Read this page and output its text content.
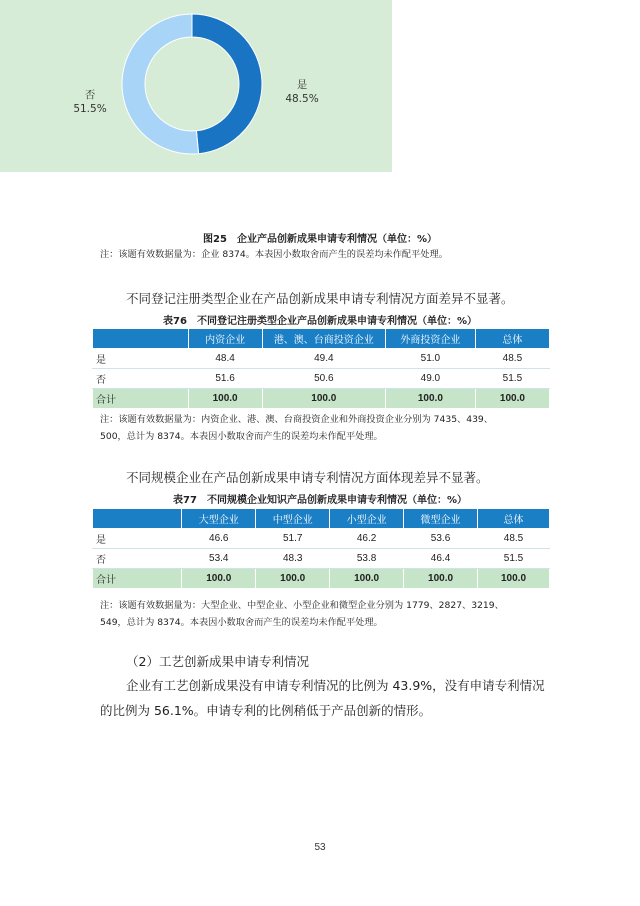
否
51.5%
是
48.5%
图25　企业产品创新成果申请专利情况（单位：%）
注：该题有效数据量为：企业 8374。本表因小数取舍而产生的误差均未作配平处理。
不同登记注册类型企业在产品创新成果申请专利情况方面差异不显著。
表76　不同登记注册类型企业产品创新成果申请专利情况（单位：%）
	内资企业	港、澳、台商投资企业	外商投资企业	总体
是	48.4	49.4	51.0	48.5
否	51.6	50.6	49.0	51.5
合计	100.0	100.0	100.0	100.0
注：该题有效数据量为：内资企业、港、澳、台商投资企业和外商投资企业分别为 7435、439、
500，总计为 8374。本表因小数取舍而产生的误差均未作配平处理。
不同规模企业在产品创新成果申请专利情况方面体现差异不显著。
表77　不同规模企业知识产品创新成果申请专利情况（单位：%）
	大型企业	中型企业	小型企业	微型企业	总体
是	46.6	51.7	46.2	53.6	48.5
否	53.4	48.3	53.8	46.4	51.5
合计	100.0	100.0	100.0	100.0	100.0
注：该题有效数据量为：大型企业、中型企业、小型企业和微型企业分别为 1779、2827、3219、
549，总计为 8374。本表因小数取舍而产生的误差均未作配平处理。
（2）工艺创新成果申请专利情况
企业有工艺创新成果没有申请专利情况的比例为 43.9%，没有申请专利情况
的比例为 56.1%。申请专利的比例稍低于产品创新的情形。
53
